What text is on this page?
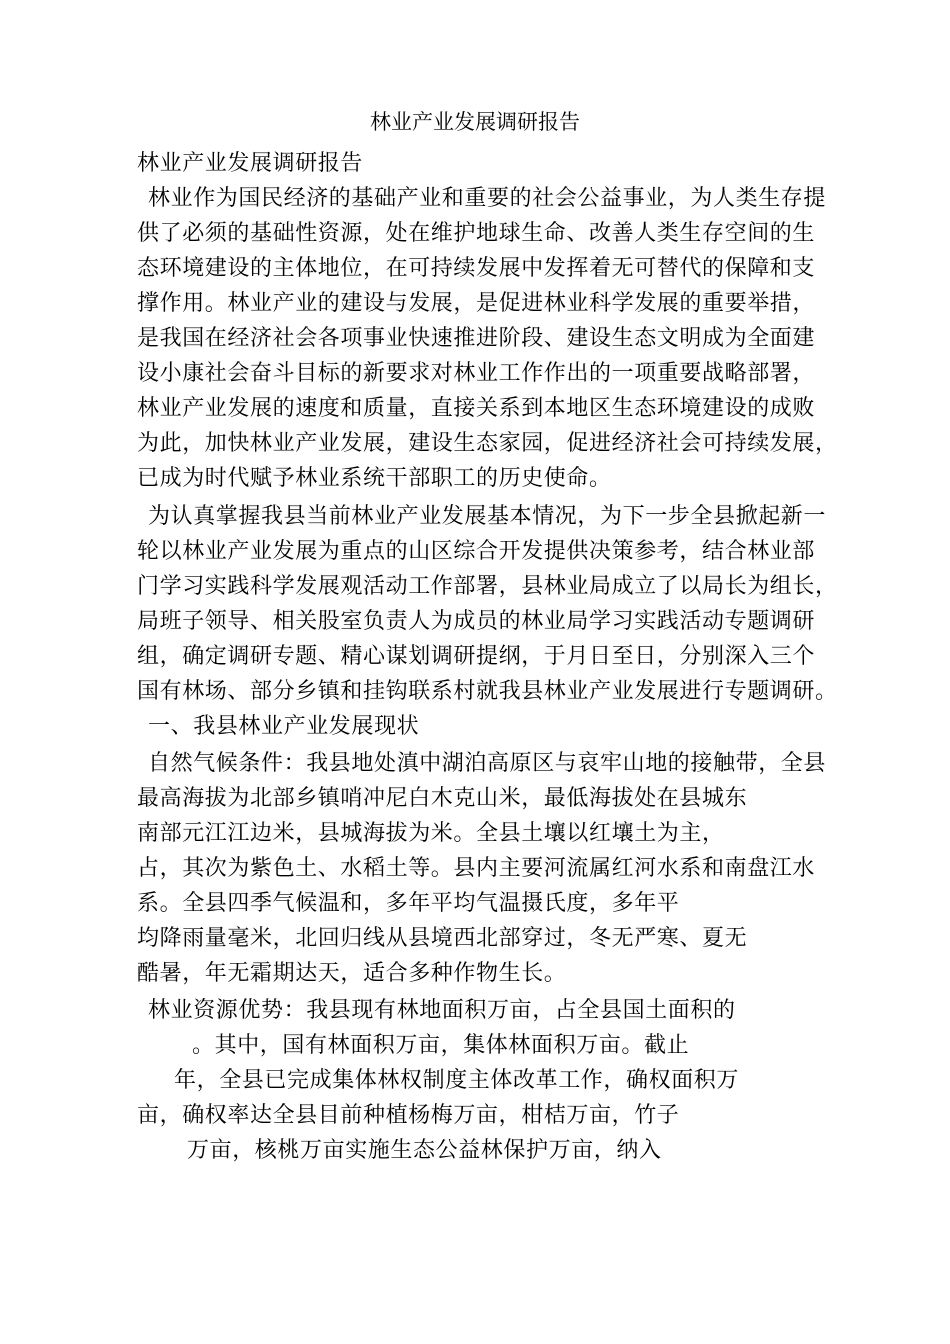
林业产业发展调研报告
林业产业发展调研报告
林业作为国民经济的基础产业和重要的社会公益事业，为人类生存提
供了必须的基础性资源，处在维护地球生命、改善人类生存空间的生
态环境建设的主体地位，在可持续发展中发挥着无可替代的保障和支
撑作用。林业产业的建设与发展，是促进林业科学发展的重要举措，
是我国在经济社会各项事业快速推进阶段、建设生态文明成为全面建
设小康社会奋斗目标的新要求对林业工作作出的一项重要战略部署，
林业产业发展的速度和质量，直接关系到本地区生态环境建设的成败
为此，加快林业产业发展，建设生态家园，促进经济社会可持续发展，
已成为时代赋予林业系统干部职工的历史使命。
为认真掌握我县当前林业产业发展基本情况，为下一步全县掀起新一
轮以林业产业发展为重点的山区综合开发提供决策参考，结合林业部
门学习实践科学发展观活动工作部署，县林业局成立了以局长为组长，
局班子领导、相关股室负责人为成员的林业局学习实践活动专题调研
组，确定调研专题、精心谋划调研提纲，于月日至日，分别深入三个
国有林场、部分乡镇和挂钩联系村就我县林业产业发展进行专题调研。
一、我县林业产业发展现状
自然气候条件：我县地处滇中湖泊高原区与哀牢山地的接触带，全县
最高海拔为北部乡镇哨冲尼白木克山米，最低海拔处在县城东
南部元江江边米，县城海拔为米。全县土壤以红壤土为主，
占，其次为紫色土、水稻土等。县内主要河流属红河水系和南盘江水
系。全县四季气候温和，多年平均气温摄氏度，多年平
均降雨量毫米，北回归线从县境西北部穿过，冬无严寒、夏无
酷暑，年无霜期达天，适合多种作物生长。
林业资源优势：我县现有林地面积万亩，占全县国土面积的
。其中，国有林面积万亩，集体林面积万亩。截止
年，全县已完成集体林权制度主体改革工作，确权面积万
亩，确权率达全县目前种植杨梅万亩，柑桔万亩，竹子
万亩，核桃万亩实施生态公益林保护万亩，纳入
